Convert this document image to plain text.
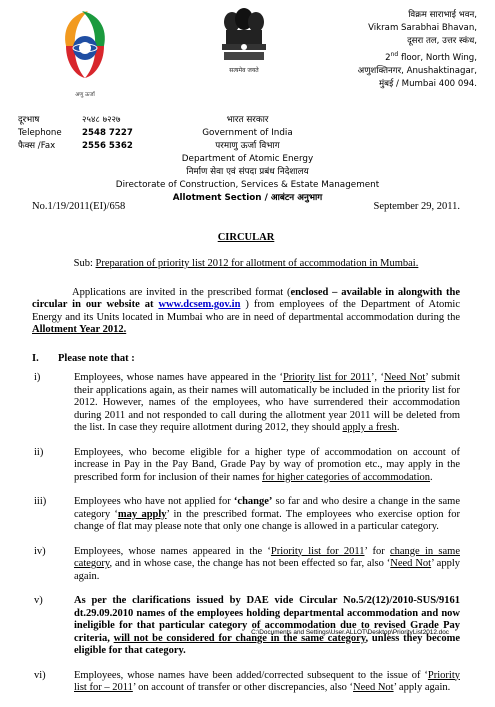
अणु ऊर्जा
सत्यमेव जयते
विक्रम साराभाई भवन,
Vikram Sarabhai Bhavan,
दूसरा तल, उत्तर स्कंध,
2nd floor, North Wing,
अणुशक्तिनगर, Anushaktinagar,
मुंबई / Mumbai 400 094.
दूरभाष	२५४८ ७२२७
Telephone 2548 7227
फैक्स /Fax	2556 5362
भारत सरकार
Government of India
परमाणु ऊर्जा विभाग
Department of Atomic Energy
निर्माण सेवा एवं संपदा प्रबंध निदेशालय
Directorate of Construction, Services & Estate Management
Allotment Section / आबंटन अनुभाग
No.1/19/2011(EI)/658	September 29, 2011.
CIRCULAR
Sub: Preparation of priority list 2012 for allotment of accommodation in Mumbai.
Applications are invited in the prescribed format (enclosed – available in alongwith the circular in our website at www.dcsem.gov.in ) from employees of the Department of Atomic Energy and its Units located in Mumbai who are in need of departmental accommodation during the Allotment Year 2012.
I. Please note that :
i)	Employees, whose names have appeared in the ‘Priority list for 2011’, ‘Need Not’ submit their applications again, as their names will automatically be included in the priority list for 2012. However, names of the employees, who have surrendered their accommodation during 2011 and not responded to call during the allotment year 2011 will be deleted from the list. In case they require allotment during 2012, they should apply a fresh.
ii)	Employees, who become eligible for a higher type of accommodation on account of increase in Pay in the Pay Band, Grade Pay by way of promotion etc., may apply in the prescribed form for inclusion of their names for higher categories of accommodation.
iii)	Employees who have not applied for ‘change’ so far and who desire a change in the same category ‘may apply’ in the prescribed format. The employees who exercise option for change of flat may please note that only one change is allowed in a particular category.
iv)	Employees, whose names appeared in the ‘Priority list for 2011’ for change in same category, and in whose case, the change has not been effected so far, also ‘Need Not’ apply again.
v)	As per the clarifications issued by DAE vide Circular No.5/2(12)/2010-SUS/9161 dt.29.09.2010 names of the employees holding departmental accommodation and now ineligible for that particular category of accommodation due to revised Grade Pay criteria, will not be considered for change in the same category, unless they become eligible for that category.
vi)	Employees, whose names have been added/corrected subsequent to the issue of ‘Priority list for – 2011’ on account of transfer or other discrepancies, also ‘Need Not’ apply again.
C:\Documents and Settings\User.ALLOT\Desktop\PriorityList2012.doc
